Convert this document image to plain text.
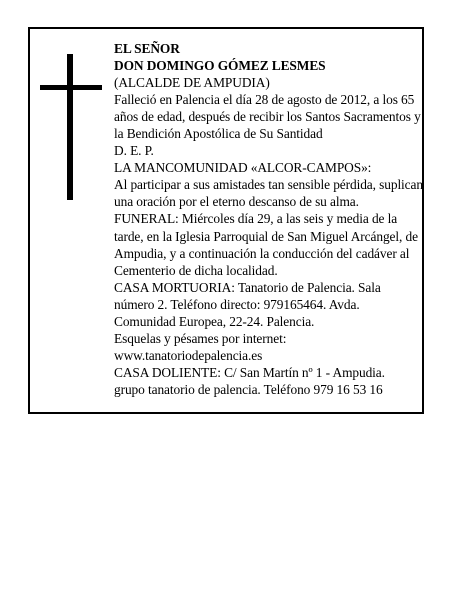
EL SEÑOR

DON DOMINGO GÓMEZ LESMES

(ALCALDE DE AMPUDIA)

Falleció en Palencia el día 28 de agosto de 2012, a los 65 años de edad, después de recibir los Santos Sacramentos y la Bendición Apostólica de Su Santidad

D. E. P.

LA MANCOMUNIDAD «ALCOR-CAMPOS»:

Al participar a sus amistades tan sensible pérdida, suplican una oración por el eterno descanso de su alma.

FUNERAL: Miércoles día 29, a las seis y media de la tarde, en la Iglesia Parroquial de San Miguel Arcángel, de Ampudia, y a continuación la conducción del cadáver al Cementerio de dicha localidad.

CASA MORTUORIA: Tanatorio de Palencia. Sala

número 2. Teléfono directo: 979165464. Avda.

Comunidad Europea, 22-24. Palencia.

Esquelas y pésames por internet:

www.tanatoriodepalencia.es

CASA DOLIENTE: C/ San Martín nº 1 - Ampudia.

grupo tanatorio de palencia. Teléfono 979 16 53 16
